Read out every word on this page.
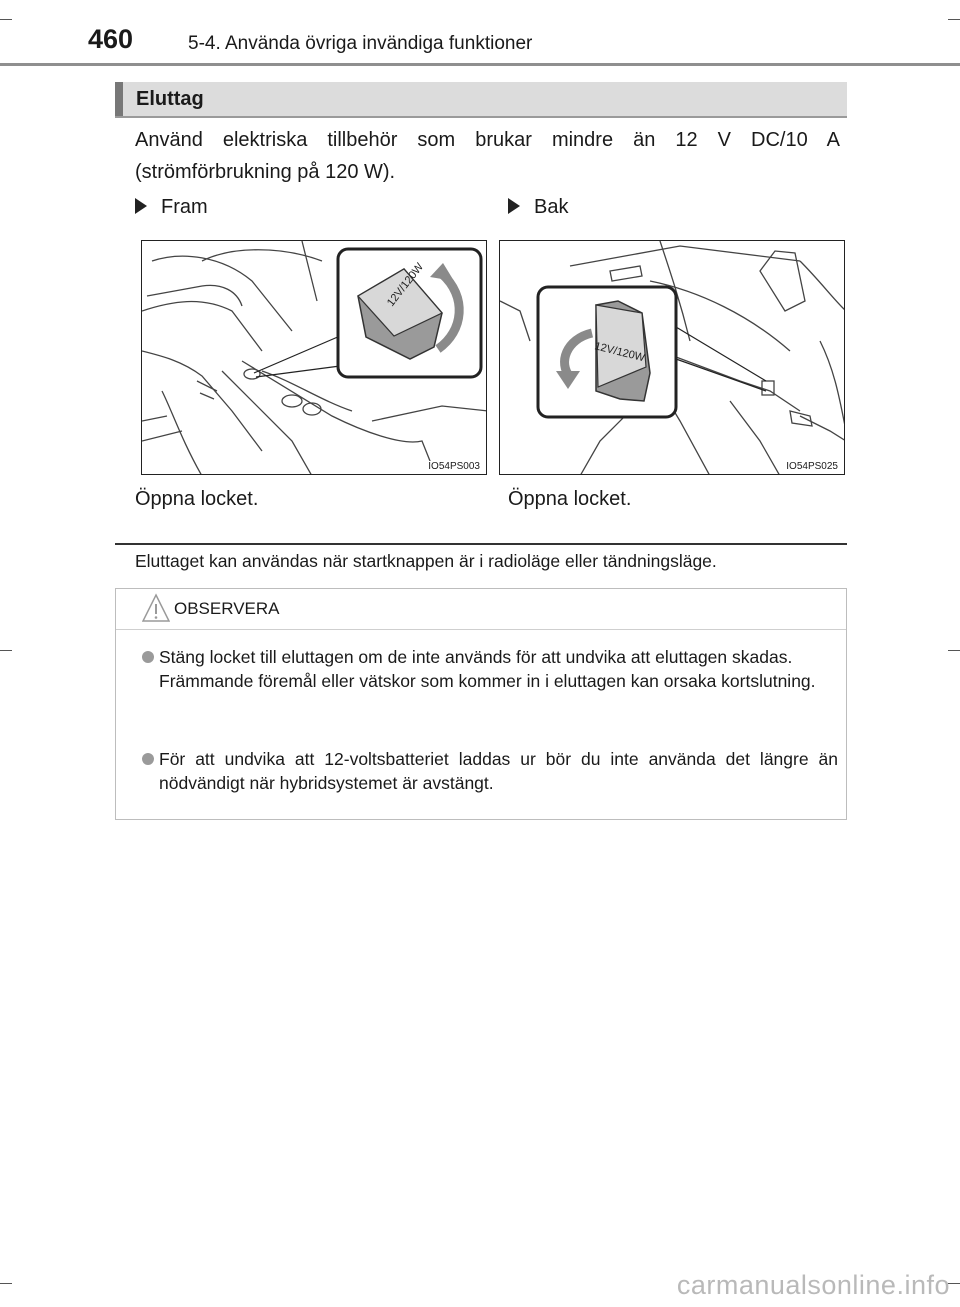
460	5-4. Använda övriga invändiga funktioner
Eluttag
Använd elektriska tillbehör som brukar mindre än 12 V DC/10 A (strömförbrukning på 120 W).
Fram
12V/120W
IO54PS003
Öppna locket.
Bak
12V/120W
IO54PS025
Öppna locket.
Eluttaget kan användas när startknappen är i radioläge eller tändningsläge.
OBSERVERA

Stäng locket till eluttagen om de inte används för att undvika att eluttagen skadas.

Främmande föremål eller vätskor som kommer in i eluttagen kan orsaka kortslutning.

För att undvika att 12-voltsbatteriet laddas ur bör du inte använda det längre än nödvändigt när hybridsystemet är avstängt.

carmanualsonline.info
